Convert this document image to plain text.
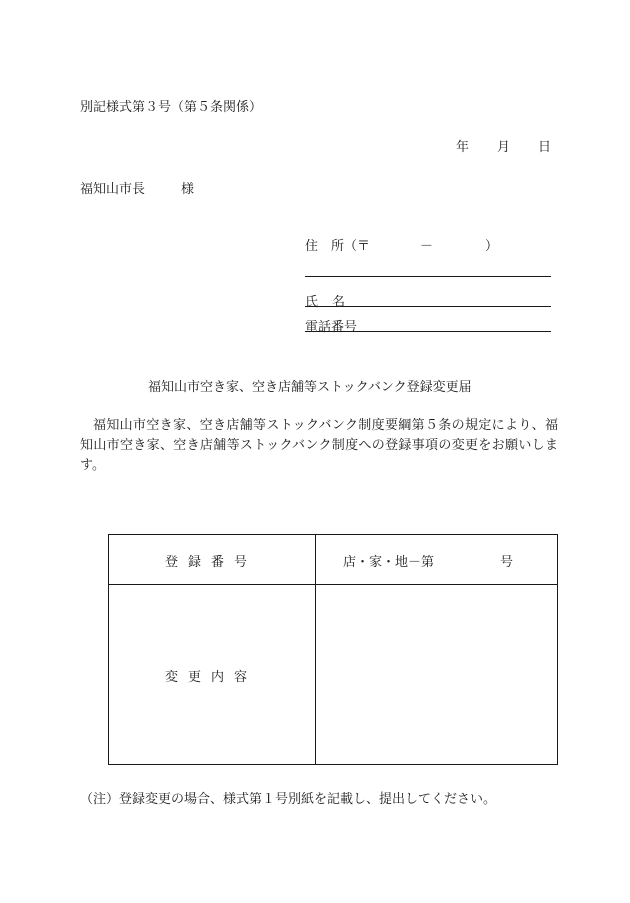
別記様式第３号（第５条関係）
年 月 日
福知山市長	様
住　所（〒	－	）
氏 名
電話番号
福知山市空き家、空き店舗等ストックバンク登録変更届
福知山市空き家、空き店舗等ストックバンク制度要綱第５条の規定により、福知山市空き家、空き店舗等ストックバンク制度への登録事項の変更をお願いします。
登録番号	店・家・地－第	号
変更内容
（注）登録変更の場合、様式第１号別紙を記載し、提出してください。
